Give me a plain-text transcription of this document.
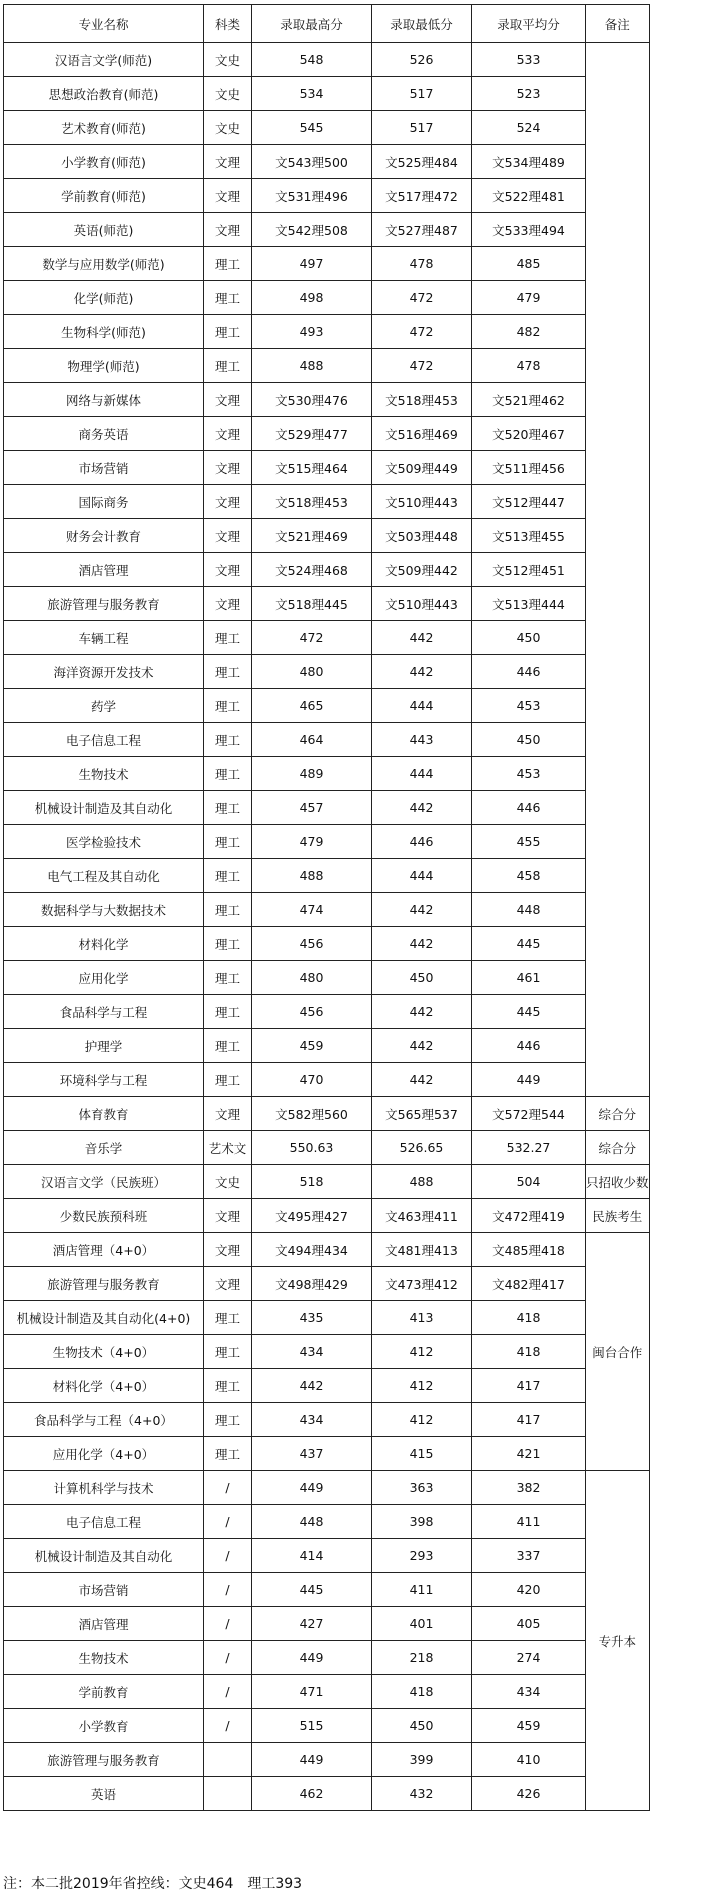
专业名称	科类	录取最高分	录取最低分	录取平均分	备注
汉语言文学(师范)	文史	548	526	533	
思想政治教育(师范)	文史	534	517	523	
艺术教育(师范)	文史	545	517	524	
小学教育(师范)	文理	文543理500	文525理484	文534理489	
学前教育(师范)	文理	文531理496	文517理472	文522理481	
英语(师范)	文理	文542理508	文527理487	文533理494	
数学与应用数学(师范)	理工	497	478	485	
化学(师范)	理工	498	472	479	
生物科学(师范)	理工	493	472	482	
物理学(师范)	理工	488	472	478	
网络与新媒体	文理	文530理476	文518理453	文521理462	
商务英语	文理	文529理477	文516理469	文520理467	
市场营销	文理	文515理464	文509理449	文511理456	
国际商务	文理	文518理453	文510理443	文512理447	
财务会计教育	文理	文521理469	文503理448	文513理455	
酒店管理	文理	文524理468	文509理442	文512理451	
旅游管理与服务教育	文理	文518理445	文510理443	文513理444	
车辆工程	理工	472	442	450	
海洋资源开发技术	理工	480	442	446	
药学	理工	465	444	453	
电子信息工程	理工	464	443	450	
生物技术	理工	489	444	453	
机械设计制造及其自动化	理工	457	442	446	
医学检验技术	理工	479	446	455	
电气工程及其自动化	理工	488	444	458	
数据科学与大数据技术	理工	474	442	448	
材料化学	理工	456	442	445	
应用化学	理工	480	450	461	
食品科学与工程	理工	456	442	445	
护理学	理工	459	442	446	
环境科学与工程	理工	470	442	449	
体育教育	文理	文582理560	文565理537	文572理544	综合分
音乐学	艺术文	550.63	526.65	532.27	综合分
汉语言文学（民族班）	文史	518	488	504	只招收少数
少数民族预科班	文理	文495理427	文463理411	文472理419	民族考生
酒店管理（4+0）	文理	文494理434	文481理413	文485理418	闽台合作
旅游管理与服务教育	文理	文498理429	文473理412	文482理417	
机械设计制造及其自动化(4+0)	理工	435	413	418	
生物技术（4+0）	理工	434	412	418	
材料化学（4+0）	理工	442	412	417	
食品科学与工程（4+0）	理工	434	412	417	
应用化学（4+0）	理工	437	415	421	
计算机科学与技术	/	449	363	382	专升本
电子信息工程	/	448	398	411	
机械设计制造及其自动化	/	414	293	337	
市场营销	/	445	411	420	
酒店管理	/	427	401	405	
生物技术	/	449	218	274	
学前教育	/	471	418	434	
小学教育	/	515	450	459	
旅游管理与服务教育		449	399	410	
英语		462	432	426	
注：本二批2019年省控线：文史464　理工393
